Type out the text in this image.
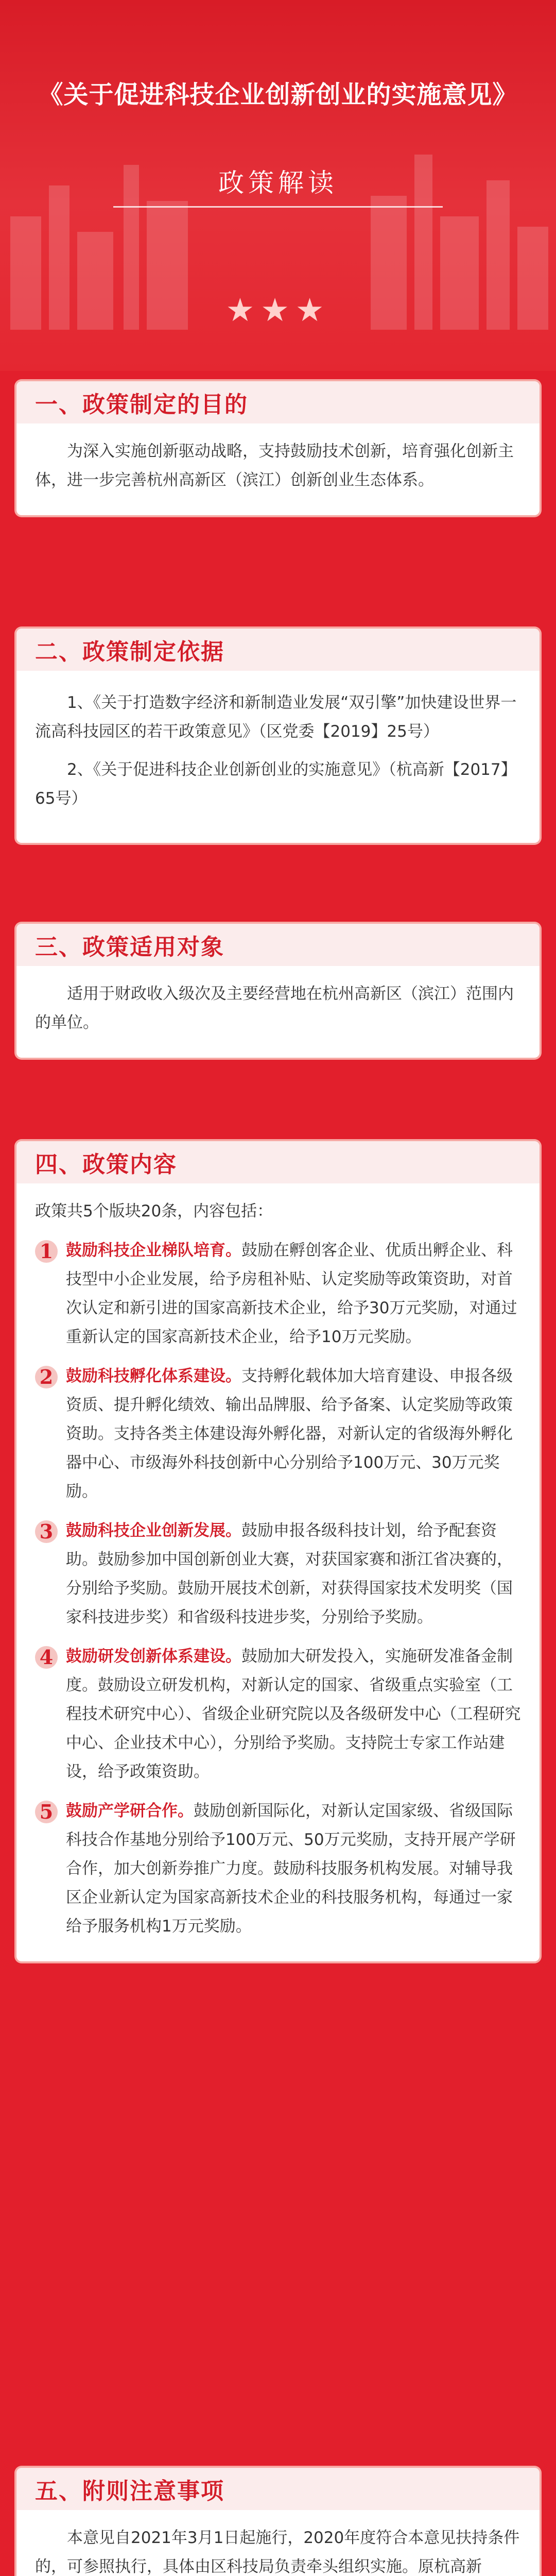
《关于促进科技企业创新创业的实施意见》
政策解读
★★★
一、政策制定的目的

为深入实施创新驱动战略，支持鼓励技术创新，培育强化创新主体，进一步完善杭州高新区（滨江）创新创业生态体系。

二、政策制定依据

1、《关于打造数字经济和新制造业发展“双引擎”加快建设世界一流高科技园区的若干政策意见》（区党委【2019】25号）

2、《关于促进科技企业创新创业的实施意见》（杭高新【2017】65号）

三、政策适用对象

适用于财政收入级次及主要经营地在杭州高新区（滨江）范围内的单位。

四、政策内容

政策共5个版块20条，内容包括：

1 鼓励科技企业梯队培育。鼓励在孵创客企业、优质出孵企业、科技型中小企业发展，给予房租补贴、认定奖励等政策资助，对首次认定和新引进的国家高新技术企业，给予30万元奖励，对通过重新认定的国家高新技术企业，给予10万元奖励。
2 鼓励科技孵化体系建设。支持孵化载体加大培育建设、申报各级资质、提升孵化绩效、输出品牌服、给予备案、认定奖励等政策资助。支持各类主体建设海外孵化器，对新认定的省级海外孵化器中心、市级海外科技创新中心分别给予100万元、30万元奖励。
3 鼓励科技企业创新发展。鼓励申报各级科技计划，给予配套资助。鼓励参加中国创新创业大赛，对获国家赛和浙江省决赛的，分别给予奖励。鼓励开展技术创新，对获得国家技术发明奖（国家科技进步奖）和省级科技进步奖，分别给予奖励。
4 鼓励研发创新体系建设。鼓励加大研发投入，实施研发准备金制度。鼓励设立研发机构，对新认定的国家、省级重点实验室（工程技术研究中心）、省级企业研究院以及各级研发中心（工程研究中心、企业技术中心），分别给予奖励。支持院士专家工作站建设，给予政策资助。
5 鼓励产学研合作。鼓励创新国际化，对新认定国家级、省级国际科技合作基地分别给予100万元、50万元奖励，支持开展产学研合作，加大创新券推广力度。鼓励科技服务机构发展。对辅导我区企业新认定为国家高新技术企业的科技服务机构，每通过一家给予服务机构1万元奖励。
五、附则注意事项

本意见自2021年3月1日起施行，2020年度符合本意见扶持条件的，可参照执行，具体由区科技局负责牵头组织实施。原杭高新
